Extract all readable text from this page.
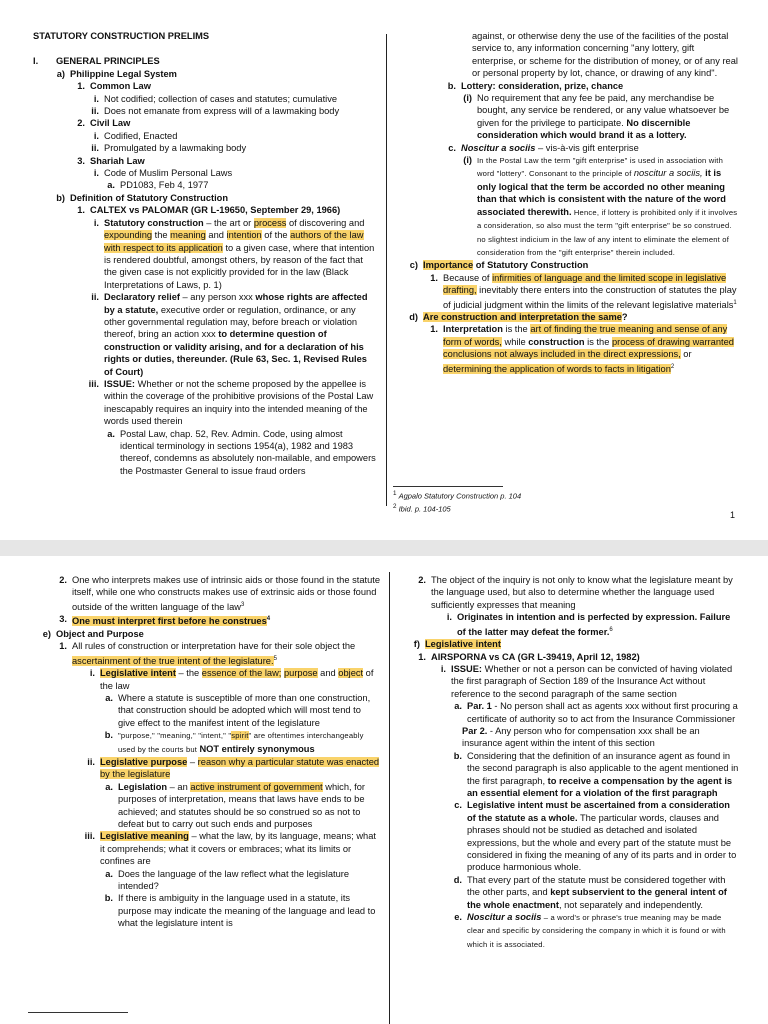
STATUTORY CONSTRUCTION PRELIMS
I.	GENERAL PRINCIPLES
a) Philippine Legal System
1. Common Law
i. Not codified; collection of cases and statutes; cumulative
ii. Does not emanate from express will of a lawmaking body
2. Civil Law
i. Codified, Enacted
ii. Promulgated by a lawmaking body
3. Shariah Law
i. Code of Muslim Personal Laws
a. PD1083, Feb 4, 1977
b) Definition of Statutory Construction
1. CALTEX vs PALOMAR (GR L-19650, September 29, 1966)
i. Statutory construction – the art or process of discovering and expounding the meaning and intention of the authors of the law with respect to its application to a given case, where that intention is rendered doubtful, amongst others, by reason of the fact that the given case is not explicitly provided for in the law (Black Interpretations of Laws, p. 1)
ii. Declaratory relief – any person xxx whose rights are affected by a statute, executive order or regulation, ordinance, or any other governmental regulation may, before breach or violation thereof, bring an action xxx to determine question of construction or validity arising, and for a declaration of his rights or duties, thereunder. (Rule 63, Sec. 1, Revised Rules of Court)
iii. ISSUE: Whether or not the scheme proposed by the appellee is within the coverage of the prohibitive provisions of the Postal Law inescapably requires an inquiry into the intended meaning of the words used therein
a. Postal Law, chap. 52, Rev. Admin. Code, using almost identical terminology in sections 1954(a), 1982 and 1983 thereof, condemns as absolutely non-mailable, and empowers the Postmaster General to issue fraud orders
against, or otherwise deny the use of the facilities of the postal service to, any information concerning "any lottery, gift enterprise, or scheme for the distribution of money, or of any real or personal property by lot, chance, or drawing of any kind".
b. Lottery: consideration, prize, chance
(i) No requirement that any fee be paid, any merchandise be bought, any service be rendered, or any value whatsoever be given for the privilege to participate. No discernible consideration which would brand it as a lottery.
c. Noscitur a sociis – vis-à-vis gift enterprise
(i) In the Postal Law the term "gift enterprise" is used in association with word "lottery". Consonant to the principle of noscitur a sociis, it is only logical that the term be accorded no other meaning than that which is consistent with the nature of the word associated therewith. Hence, if lottery is prohibited only if it involves a consideration, so also must the term "gift enterprise" be so construed. no slightest indicium in the law of any intent to eliminate the element of consideration from the "gift enterprise" therein included.
c) Importance of Statutory Construction
1. Because of infirmities of language and the limited scope in legislative drafting, inevitably there enters into the construction of statutes the play of judicial judgment within the limits of the relevant legislative materials$^1$
d) Are construction and interpretation the same?
1. Interpretation is the art of finding the true meaning and sense of any form of words, while construction is the process of drawing warranted conclusions not always included in the direct expressions, or determining the application of words to facts in litigation$^2$
$^1$ Agpalo Statutory Construction p. 104
$^2$ Ibid. p. 104-105
1
2. One who interprets makes use of intrinsic aids or those found in the statute itself, while one who constructs makes use of extrinsic aids or those found outside of the written language of the law$^3$
3. One must interpret first before he construes$^4$
e) Object and Purpose
1. All rules of construction or interpretation have for their sole object the ascertainment of the true intent of the legislature.$^5$
i. Legislative intent – the essence of the law; purpose and object of the law
a. Where a statute is susceptible of more than one construction, that construction should be adopted which will most tend to give effect to the manifest intent of the legislature
b. "purpose," "meaning," "intent," "spirit" are oftentimes interchangeably used by the courts but NOT entirely synonymous
ii. Legislative purpose – reason why a particular statute was enacted by the legislature
a. Legislation – an active instrument of government which, for purposes of interpretation, means that laws have ends to be achieved; and statutes should be so construed so as not to defeat but to carry out such ends and purposes
iii. Legislative meaning – what the law, by its language, means; what it comprehends; what it covers or embraces; what its limits or confines are
a. Does the language of the law reflect what the legislature intended?
b. If there is ambiguity in the language used in a statute, its purpose may indicate the meaning of the language and lead to what the legislature intent is
2. The object of the inquiry is not only to know what the legislature meant by the language used, but also to determine whether the language used sufficiently expresses that meaning
i. Originates in intention and is perfected by expression. Failure of the latter may defeat the former.$^6$
f) Legislative intent
1. AIRSPORNA vs CA (GR L-39419, April 12, 1982)
i. ISSUE: Whether or not a person can be convicted of having violated the first paragraph of Section 189 of the Insurance Act without reference to the second paragraph of the same section
a. Par. 1 - No person shall act as agents xxx without first procuring a certificate of authority so to act from the Insurance Commissioner
Par 2. - Any person who for compensation xxx shall be an insurance agent within the intent of this section
b. Considering that the definition of an insurance agent as found in the second paragraph is also applicable to the agent mentioned in the first paragraph, to receive a compensation by the agent is an essential element for a violation of the first paragraph
c. Legislative intent must be ascertained from a consideration of the statute as a whole. The particular words, clauses and phrases should not be studied as detached and isolated expressions, but the whole and every part of the statute must be considered in fixing the meaning of any of its parts and in order to produce harmonious whole.
d. That every part of the statute must be considered together with the other parts, and kept subservient to the general intent of the whole enactment, not separately and independently.
e. Noscitur a sociis – a word's or phrase's true meaning may be made clear and specific by considering the company in which it is found or with which it is associated.
